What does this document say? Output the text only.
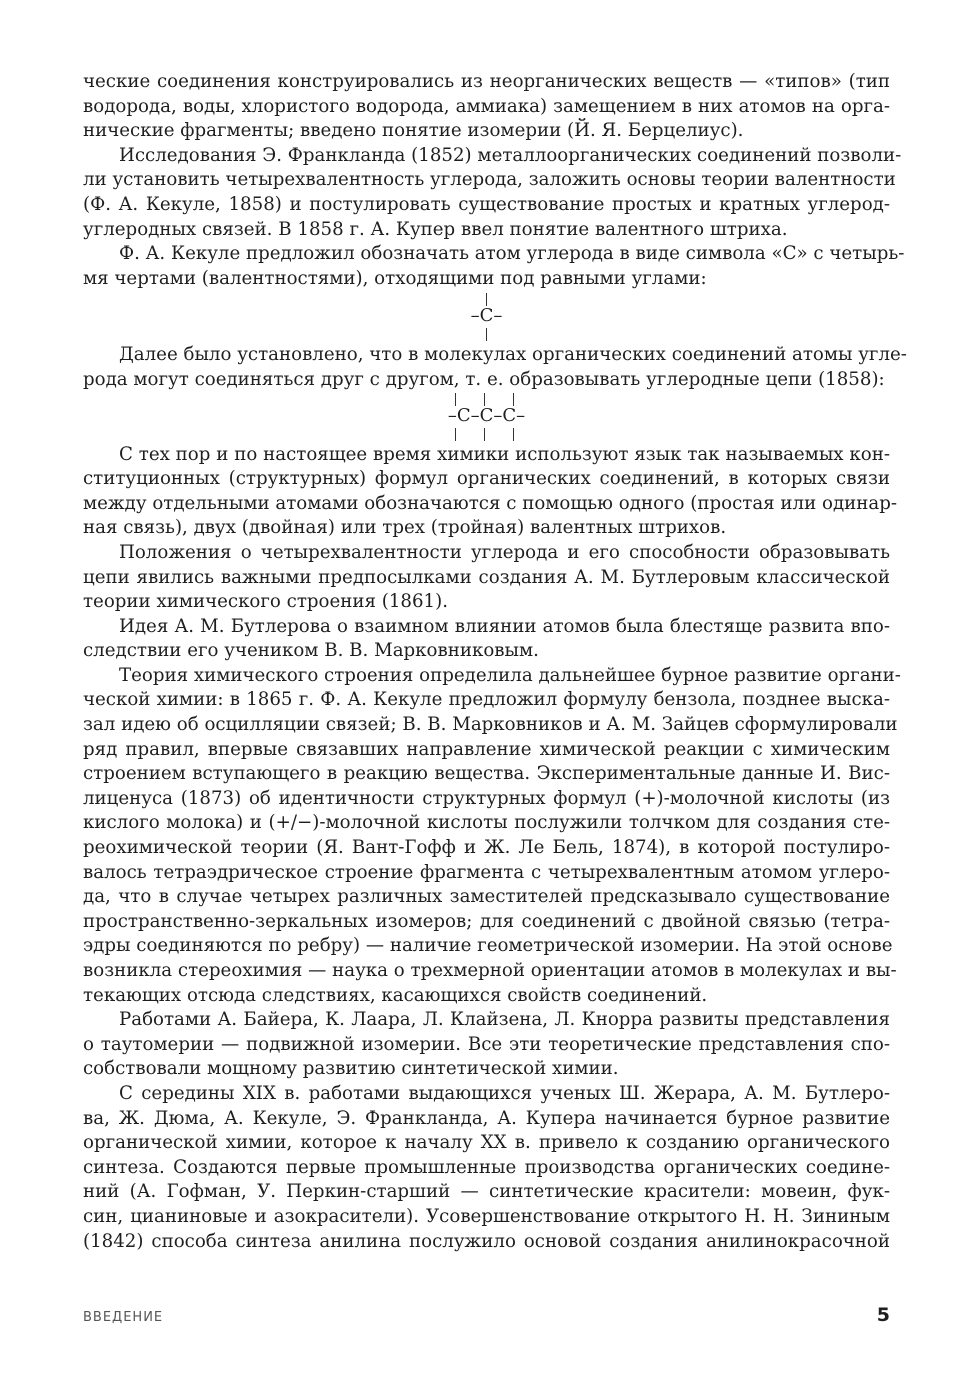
ческие соединения конструировались из неорганических веществ — «типов» (тип
водорода, воды, хлористого водорода, аммиака) замещением в них атомов на орга-
нические фрагменты; введено понятие изомерии (Й. Я. Берцелиус).
Исследования Э. Франкланда (1852) металлоорганических соединений позволи-
ли установить четырехвалентность углерода, заложить основы теории валентности
(Ф. А. Кекуле, 1858) и постулировать существование простых и кратных углерод-
углеродных связей. В 1858 г. А. Купер ввел понятие валентного штриха.
Ф. А. Кекуле предложил обозначать атом углерода в виде символа «С» с четырь-
мя чертами (валентностями), отходящими под равными углами:
–С–
Далее было установлено, что в молекулах органических соединений атомы угле-
рода могут соединяться друг с другом, т. е. образовывать углеродные цепи (1858):
–С–С–С–
С тех пор и по настоящее время химики используют язык так называемых кон-
ституционных (структурных) формул органических соединений, в которых связи
между отдельными атомами обозначаются с помощью одного (простая или одинар-
ная связь), двух (двойная) или трех (тройная) валентных штрихов.
Положения о четырехвалентности углерода и его способности образовывать
цепи явились важными предпосылками создания А. М. Бутлеровым классической
теории химического строения (1861).
Идея А. М. Бутлерова о взаимном влиянии атомов была блестяще развита впо-
следствии его учеником В. В. Марковниковым.
Теория химического строения определила дальнейшее бурное развитие органи-
ческой химии: в 1865 г. Ф. А. Кекуле предложил формулу бензола, позднее выска-
зал идею об осцилляции связей; В. В. Марковников и А. М. Зайцев сформулировали
ряд правил, впервые связавших направление химической реакции с химическим
строением вступающего в реакцию вещества. Экспериментальные данные И. Вис-
лиценуса (1873) об идентичности структурных формул (+)-молочной кислоты (из
кислого молока) и (+/−)-молочной кислоты послужили толчком для создания сте-
реохимической теории (Я. Вант-Гофф и Ж. Ле Бель, 1874), в которой постулиро-
валось тетраэдрическое строение фрагмента с четырехвалентным атомом углеро-
да, что в случае четырех различных заместителей предсказывало существование
пространственно-зеркальных изомеров; для соединений с двойной связью (тетра-
эдры соединяются по ребру) — наличие геометрической изомерии. На этой основе
возникла стереохимия — наука о трехмерной ориентации атомов в молекулах и вы-
текающих отсюда следствиях, касающихся свойств соединений.
Работами А. Байера, К. Лаара, Л. Клайзена, Л. Кнорра развиты представления
о таутомерии — подвижной изомерии. Все эти теоретические представления спо-
собствовали мощному развитию синтетической химии.
С середины XIX в. работами выдающихся ученых Ш. Жерара, А. М. Бутлеро-
ва, Ж. Дюма, А. Кекуле, Э. Франкланда, А. Купера начинается бурное развитие
органической химии, которое к началу XX в. привело к созданию органического
синтеза. Создаются первые промышленные производства органических соедине-
ний (А. Гофман, У. Перкин-старший — синтетические красители: мовеин, фук-
син, цианиновые и азокрасители). Усовершенствование открытого Н. Н. Зининым
(1842) способа синтеза анилина послужило основой создания анилинокрасочной
ВВЕДЕНИЕ	5
